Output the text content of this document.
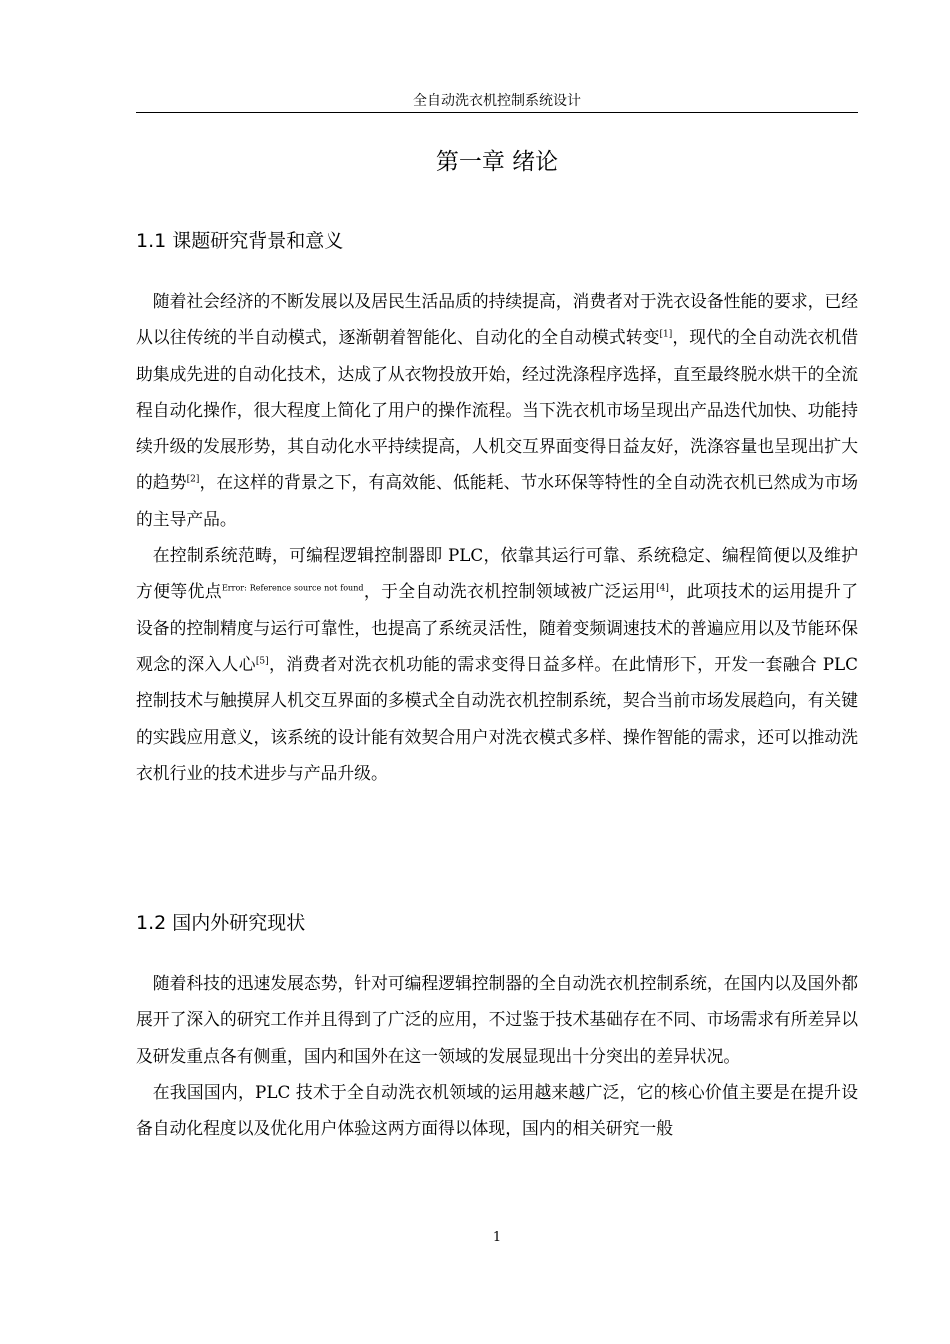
全自动洗衣机控制系统设计
第一章 绪论
1.1 课题研究背景和意义

随着社会经济的不断发展以及居民生活品质的持续提高，消费者对于洗衣设备性能的要求，已经从以往传统的半自动模式，逐渐朝着智能化、自动化的全自动模式转变[1]，现代的全自动洗衣机借助集成先进的自动化技术，达成了从衣物投放开始，经过洗涤程序选择，直至最终脱水烘干的全流程自动化操作，很大程度上简化了用户的操作流程。当下洗衣机市场呈现出产品迭代加快、功能持续升级的发展形势，其自动化水平持续提高，人机交互界面变得日益友好，洗涤容量也呈现出扩大的趋势[2]，在这样的背景之下，有高效能、低能耗、节水环保等特性的全自动洗衣机已然成为市场的主导产品。

在控制系统范畴，可编程逻辑控制器即 PLC，依靠其运行可靠、系统稳定、编程简便以及维护方便等优点$^{Error: Reference source not found}$，于全自动洗衣机控制领域被广泛运用[4]，此项技术的运用提升了设备的控制精度与运行可靠性，也提高了系统灵活性，随着变频调速技术的普遍应用以及节能环保观念的深入人心[5]，消费者对洗衣机功能的需求变得日益多样。在此情形下，开发一套融合 PLC 控制技术与触摸屏人机交互界面的多模式全自动洗衣机控制系统，契合当前市场发展趋向，有关键的实践应用意义，该系统的设计能有效契合用户对洗衣模式多样、操作智能的需求，还可以推动洗衣机行业的技术进步与产品升级。

1.2 国内外研究现状

随着科技的迅速发展态势，针对可编程逻辑控制器的全自动洗衣机控制系统，在国内以及国外都展开了深入的研究工作并且得到了广泛的应用，不过鉴于技术基础存在不同、市场需求有所差异以及研发重点各有侧重，国内和国外在这一领域的发展显现出十分突出的差异状况。

在我国国内，PLC 技术于全自动洗衣机领域的运用越来越广泛，它的核心价值主要是在提升设备自动化程度以及优化用户体验这两方面得以体现，国内的相关研究一般

1
